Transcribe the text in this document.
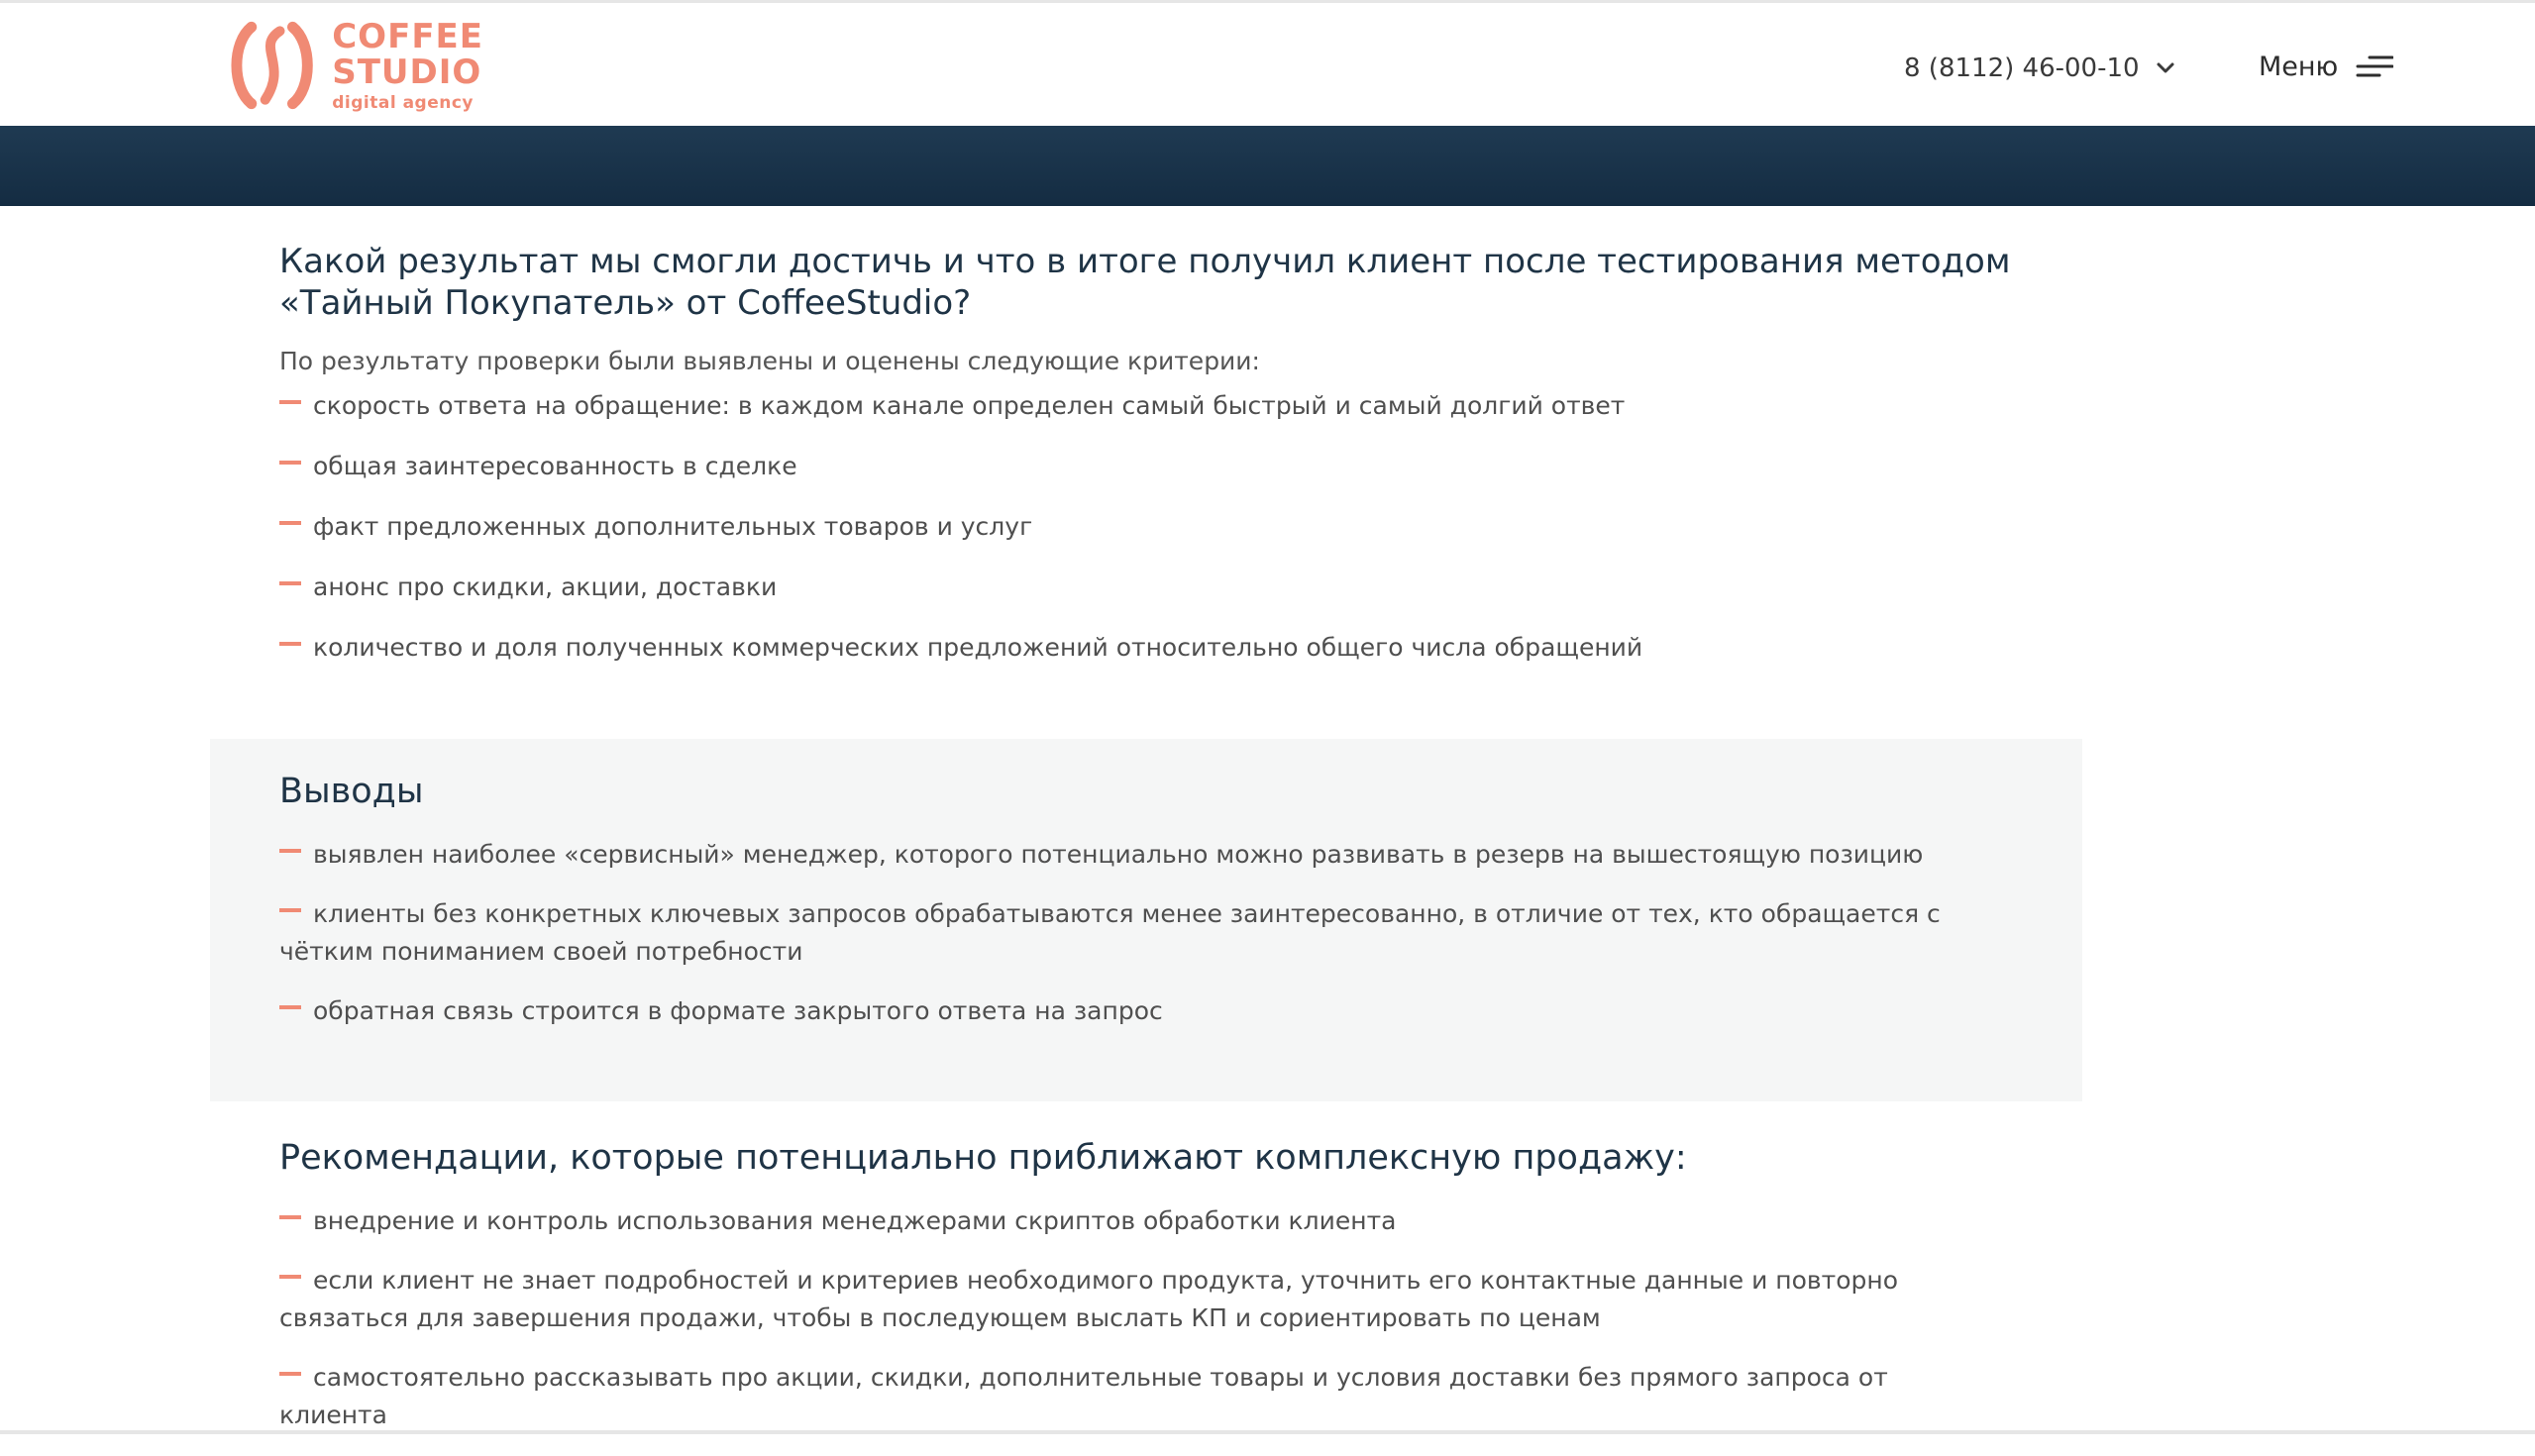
COFFEE
STUDIO
digital agency
8 (8112) 46-00-10	Меню
Какой результат мы смогли достичь и что в итоге получил клиент после тестирования методом «Тайный Покупатель» от CoffeeStudio?
По результату проверки были выявлены и оценены следующие критерии:
скорость ответа на обращение: в каждом канале определен самый быстрый и самый долгий ответ
общая заинтересованность в сделке
факт предложенных дополнительных товаров и услуг
анонс про скидки, акции, доставки
количество и доля полученных коммерческих предложений относительно общего числа обращений
Выводы
выявлен наиболее «сервисный» менеджер, которого потенциально можно развивать в резерв на вышестоящую позицию
клиенты без конкретных ключевых запросов обрабатываются менее заинтересованно, в отличие от тех, кто обращается с чётким пониманием своей потребности
обратная связь строится в формате закрытого ответа на запрос
Рекомендации, которые потенциально приближают комплексную продажу:
внедрение и контроль использования менеджерами скриптов обработки клиента
если клиент не знает подробностей и критериев необходимого продукта, уточнить его контактные данные и повторно связаться для завершения продажи, чтобы в последующем выслать КП и сориентировать по ценам
самостоятельно рассказывать про акции, скидки, дополнительные товары и условия доставки без прямого запроса от клиента
